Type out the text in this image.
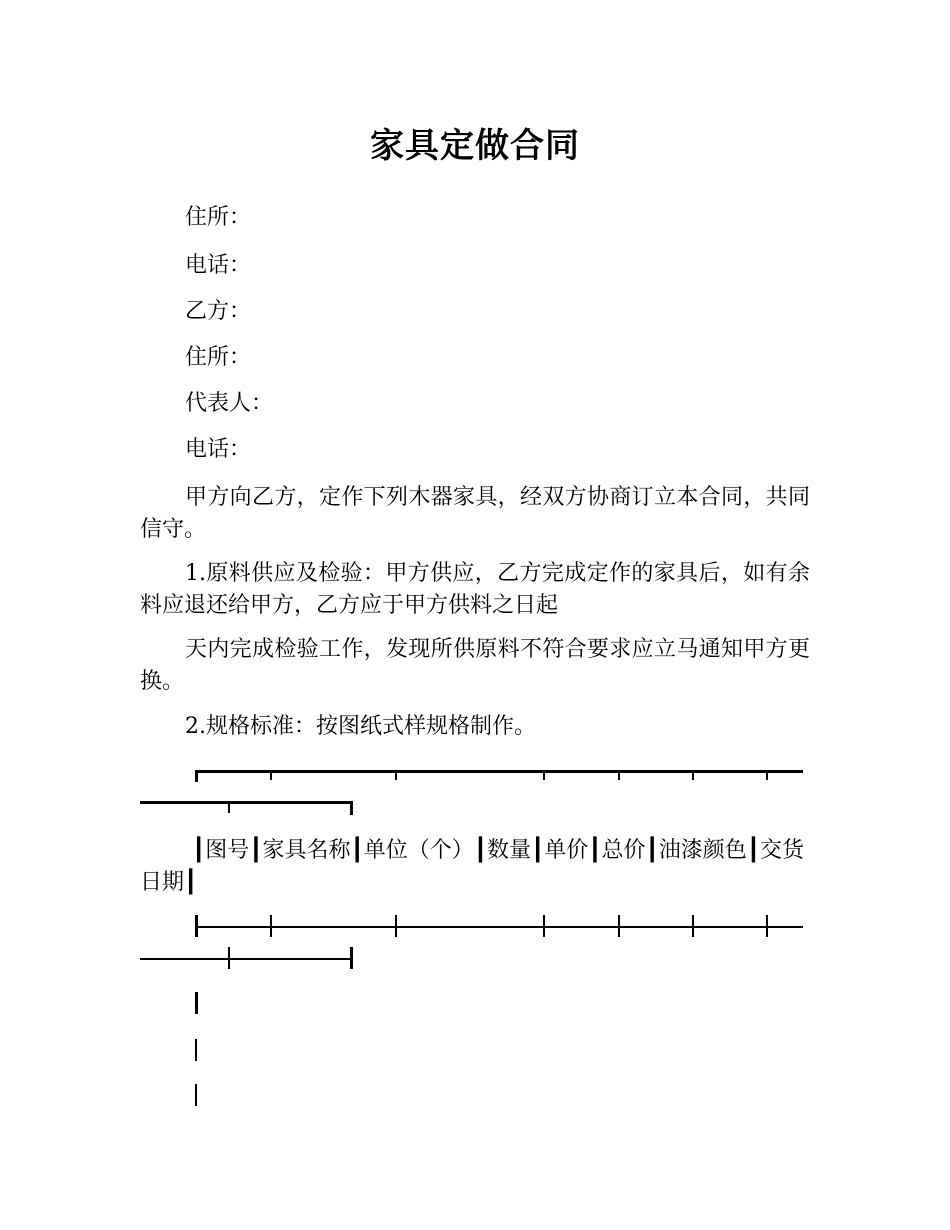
家具定做合同
住所：
电话：
乙方：
住所：
代表人：
电话：
甲方向乙方，定作下列木器家具，经双方协商订立本合同，共同信守。
1.原料供应及检验：甲方供应，乙方完成定作的家具后，如有余料应退还给甲方，乙方应于甲方供料之日起
天内完成检验工作，发现所供原料不符合要求应立马通知甲方更换。
2.规格标准：按图纸式样规格制作。
┃图号┃家具名称┃单位（个）┃数量┃单价┃总价┃油漆颜色┃交货日期┃
